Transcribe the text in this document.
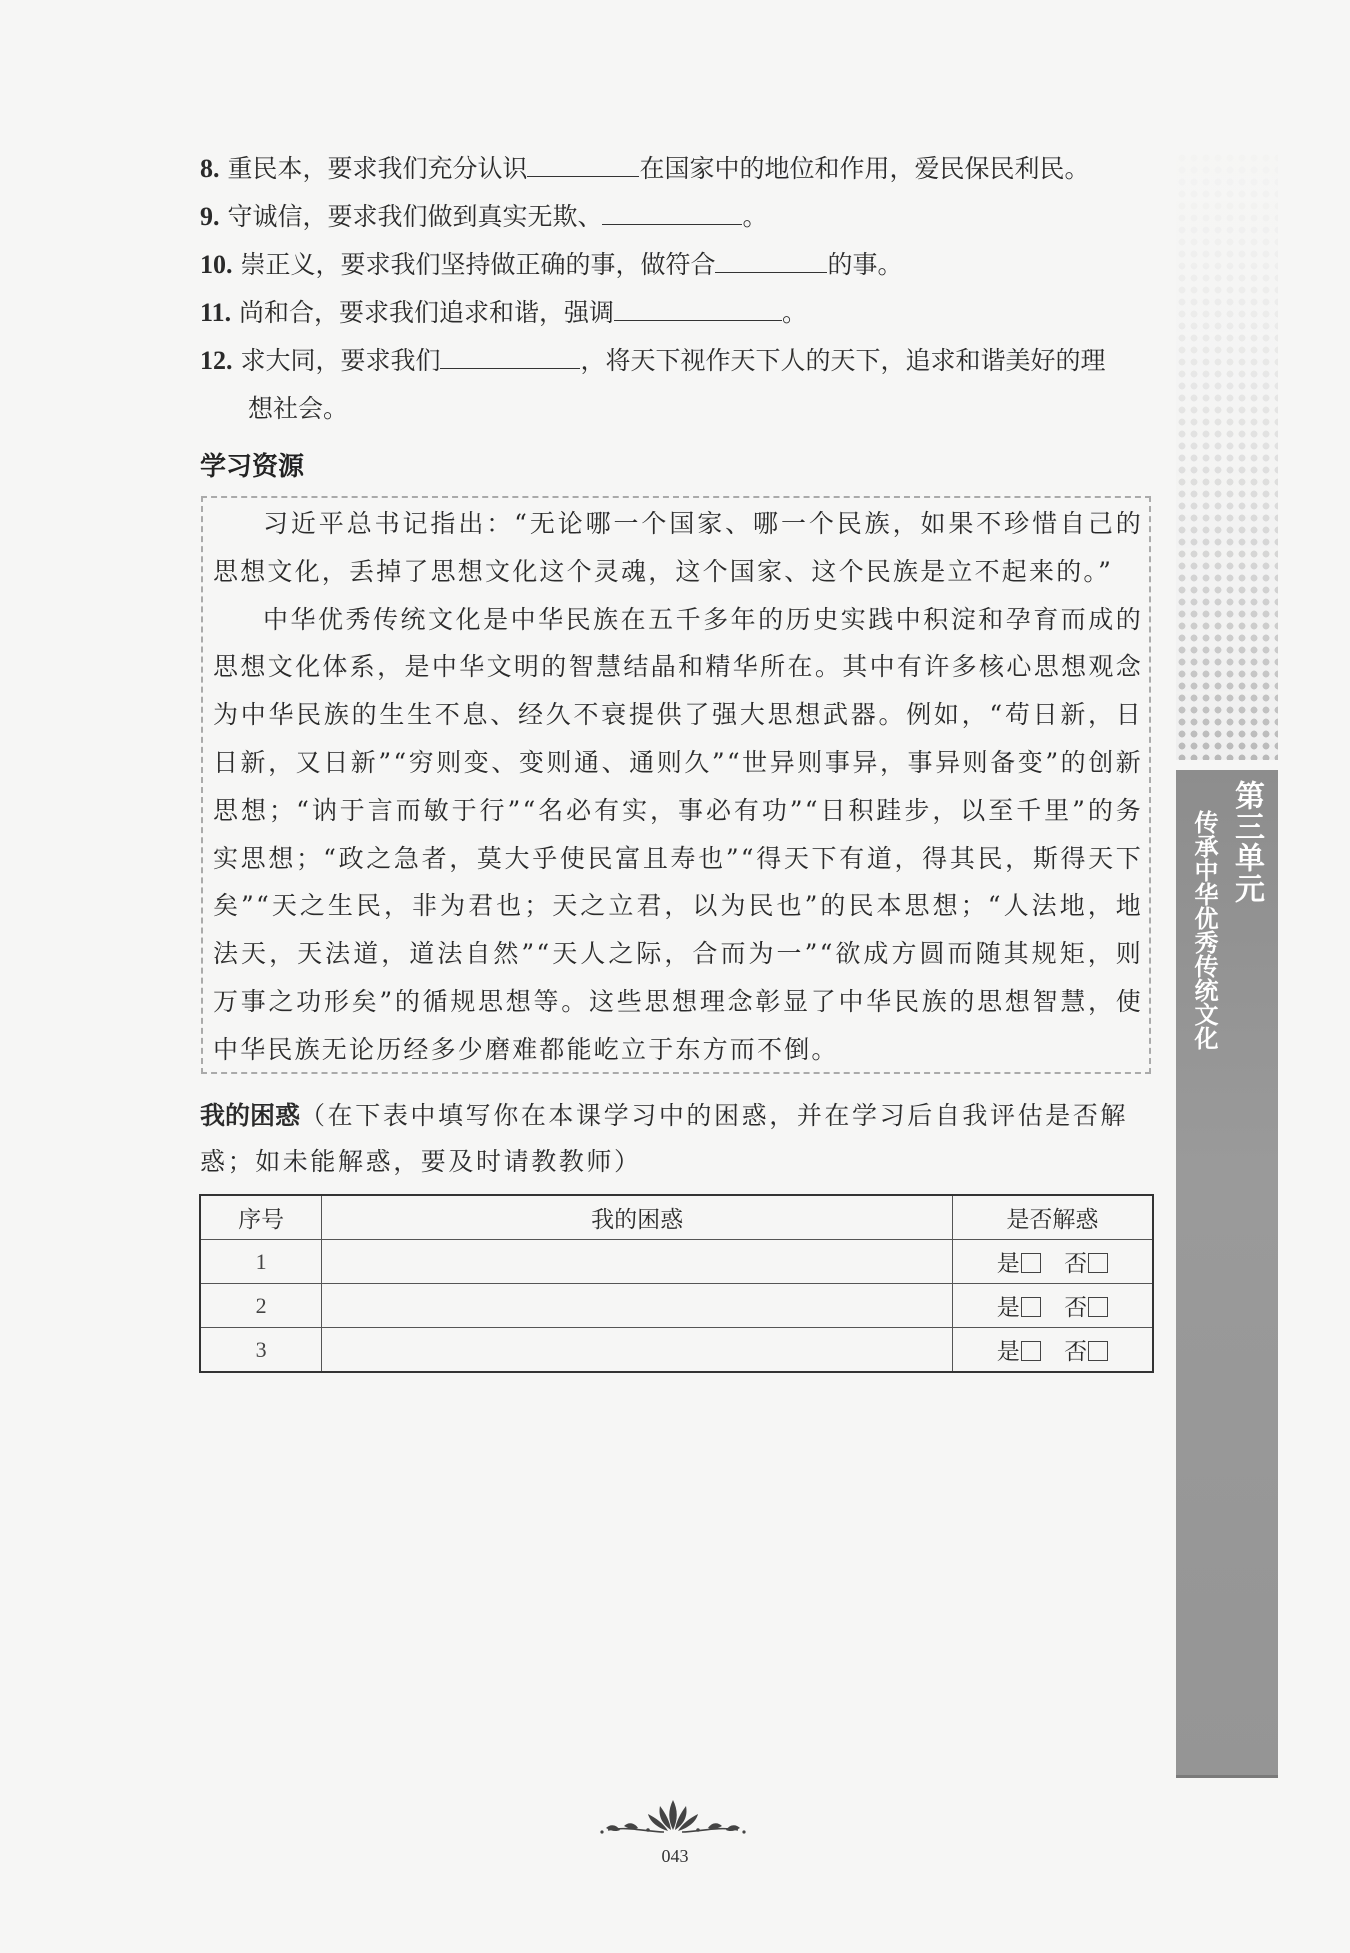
8. 重民本，要求我们充分认识	在国家中的地位和作用，爱民保民利民。
9. 守诚信，要求我们做到真实无欺、	。
10. 崇正义，要求我们坚持做正确的事，做符合	的事。
11. 尚和合，要求我们追求和谐，强调	。
12. 求大同，要求我们	，将天下视作天下人的天下，追求和谐美好的理
想社会。
学习资源

习近平总书记指出：“无论哪一个国家、哪一个民族，如果不珍惜自己的思想文化，丢掉了思想文化这个灵魂，这个国家、这个民族是立不起来的。”

中华优秀传统文化是中华民族在五千多年的历史实践中积淀和孕育而成的思想文化体系，是中华文明的智慧结晶和精华所在。其中有许多核心思想观念为中华民族的生生不息、经久不衰提供了强大思想武器。例如，“苟日新，日日新，又日新”“穷则变、变则通、通则久”“世异则事异，事异则备变”的创新思想；“讷于言而敏于行”“名必有实，事必有功”“日积跬步，以至千里”的务实思想；“政之急者，莫大乎使民富且寿也”“得天下有道，得其民，斯得天下矣”“天之生民，非为君也；天之立君，以为民也”的民本思想；“人法地，地法天，天法道，道法自然”“天人之际，合而为一”“欲成方圆而随其规矩，则万事之功形矣”的循规思想等。这些思想理念彰显了中华民族的思想智慧，使中华民族无论历经多少磨难都能屹立于东方而不倒。

我的困惑（在下表中填写你在本课学习中的困惑，并在学习后自我评估是否解惑；如未能解惑，要及时请教教师）
序号	我的困惑	是否解惑
1		是 否
2		是 否
3		是 否
第三单元
传承中华优秀传统文化
043
